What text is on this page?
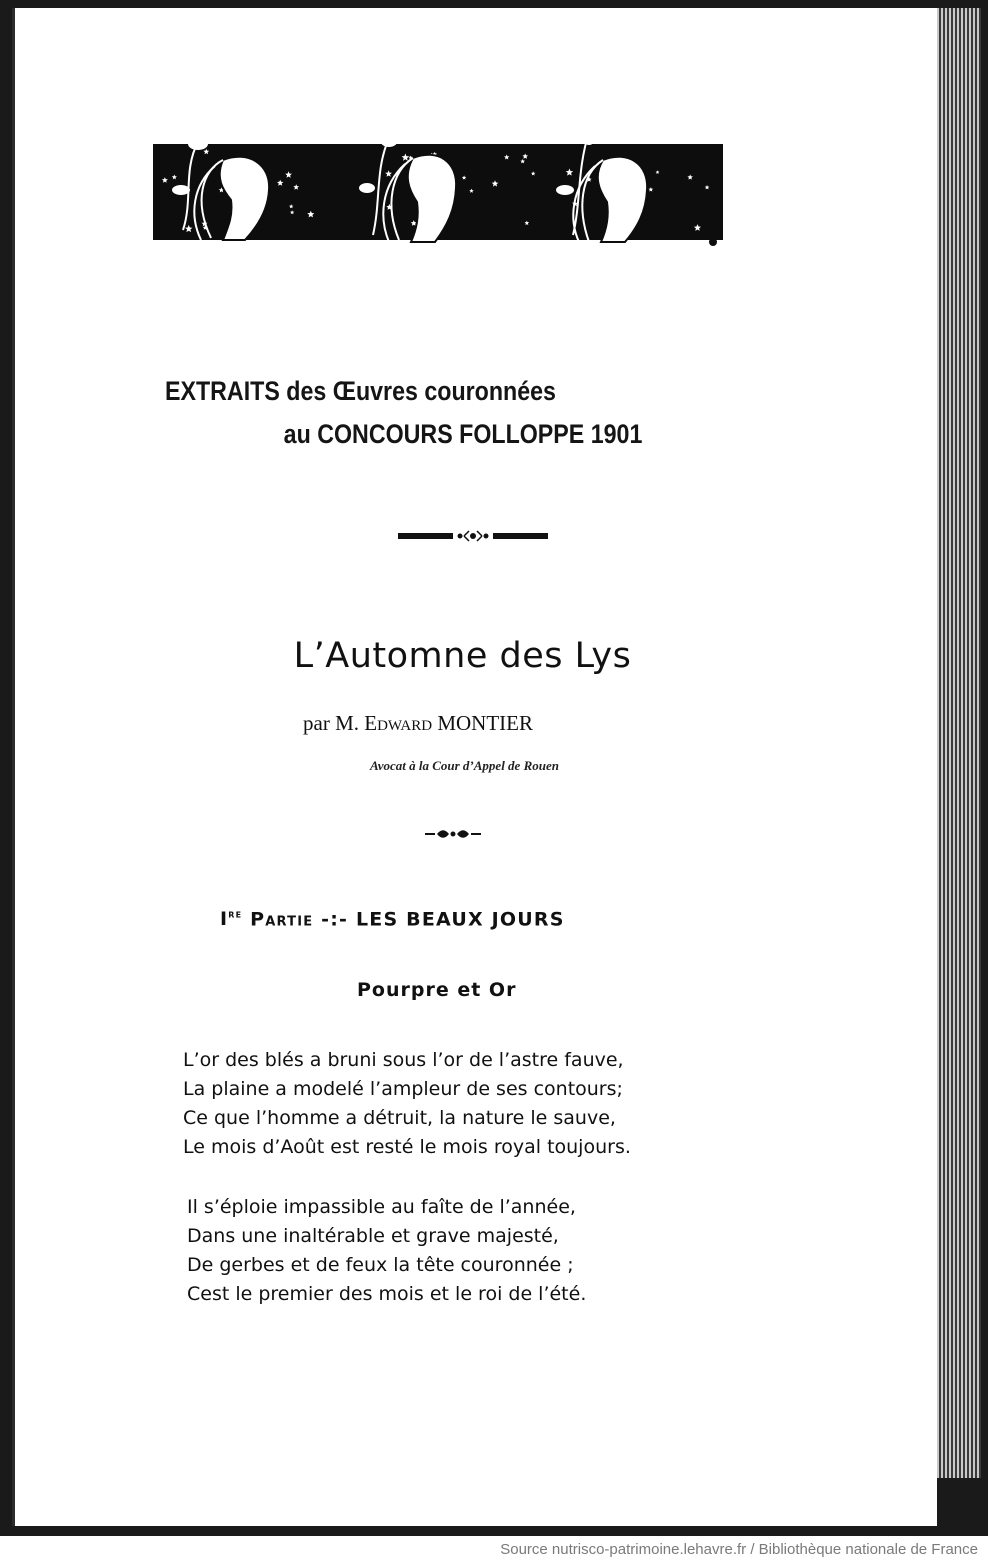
EXTRAITS des Œuvres couronnées
au CONCOURS FOLLOPPE 1901
L’Automne des Lys
par M. Edward MONTIER
Avocat à la Cour d’Appel de Rouen
Ire Partie -:- LES BEAUX JOURS
Pourpre et Or
L’or des blés a bruni sous l’or de l’astre fauve,
La plaine a modelé l’ampleur de ses contours;
Ce que l’homme a détruit, la nature le sauve,
Le mois d’Août est resté le mois royal toujours.
Il s’éploie impassible au faîte de l’année,
Dans une inaltérable et grave majesté,
De gerbes et de feux la tête couronnée ;
Cest le premier des mois et le roi de l’été.
Source nutrisco-patrimoine.lehavre.fr / Bibliothèque nationale de France
